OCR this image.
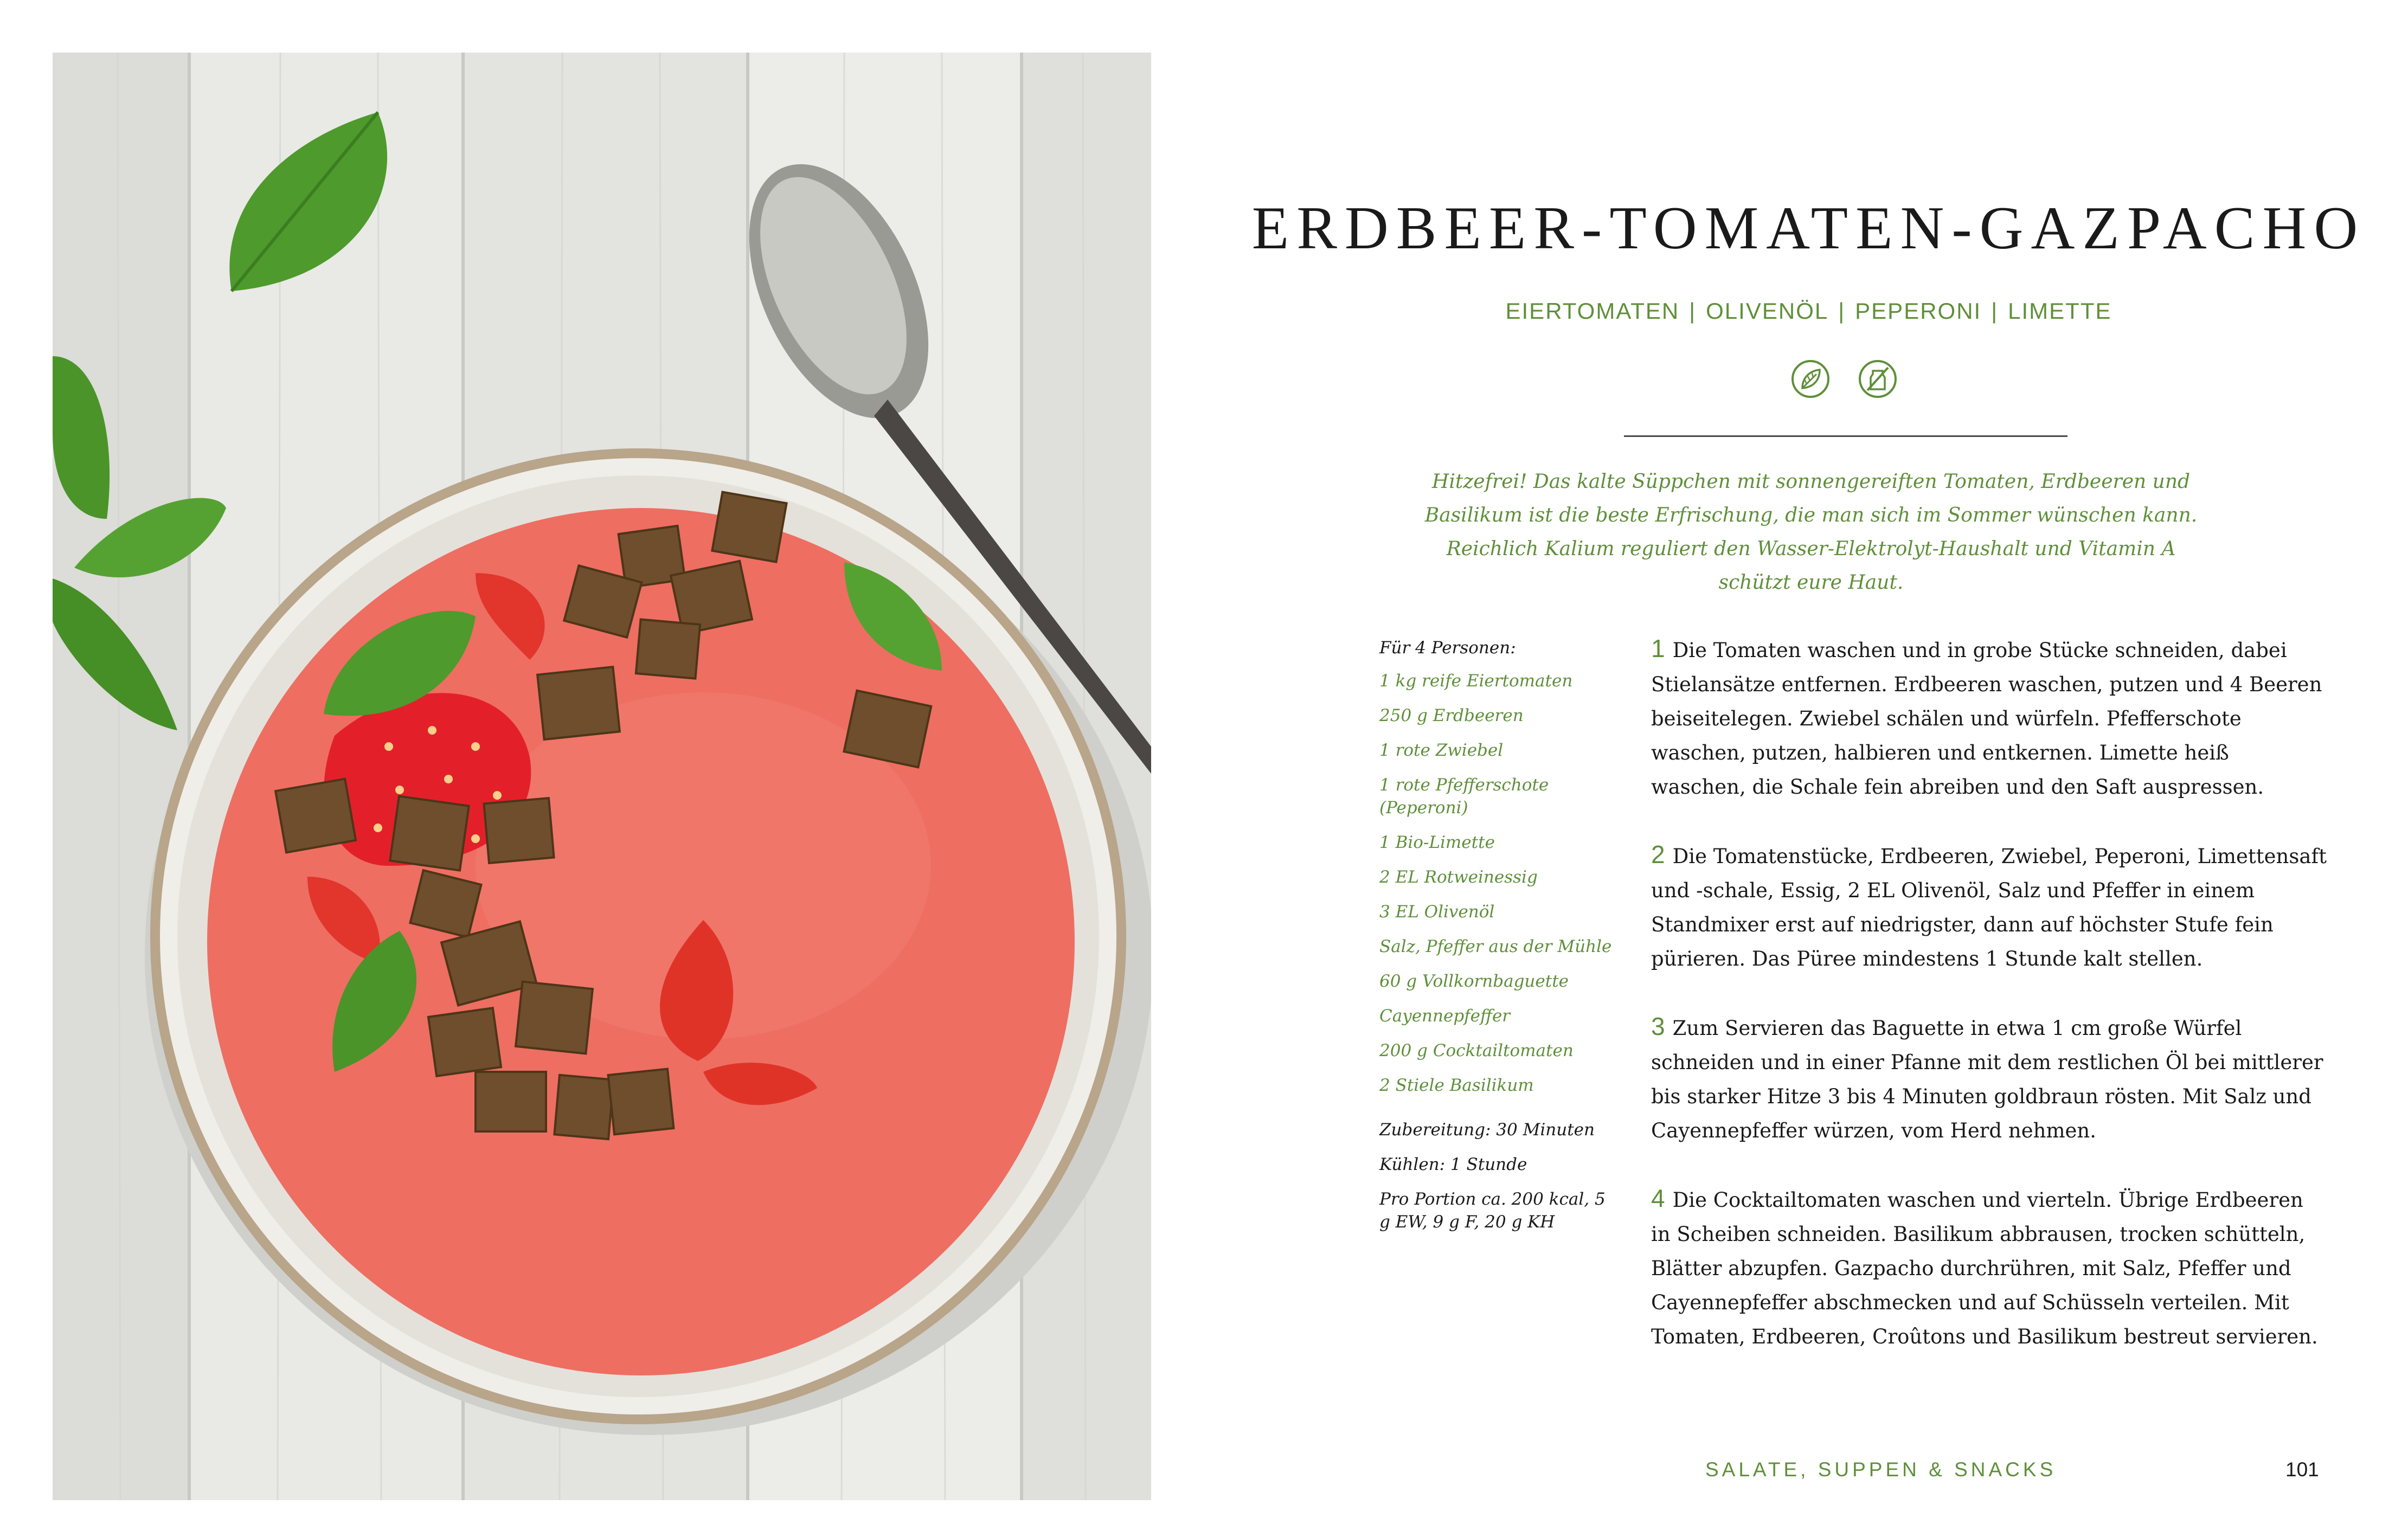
ERDBEER-TOMATEN-GAZPACHO
EIERTOMATEN | OLIVENÖL | PEPERONI | LIMETTE
Hitzefrei! Das kalte Süppchen mit sonnengereiften Tomaten, Erdbeeren und Basilikum ist die beste Erfrischung, die man sich im Sommer wünschen kann. Reichlich Kalium reguliert den Wasser-Elektrolyt-Haushalt und Vitamin A schützt eure Haut.
Für 4 Personen:
1 kg reife Eiertomaten
250 g Erdbeeren
1 rote Zwiebel
1 rote Pfefferschote (Peperoni)
1 Bio-Limette
2 EL Rotweinessig
3 EL Olivenöl
Salz, Pfeffer aus der Mühle
60 g Vollkornbaguette
Cayennepfeffer
200 g Cocktailtomaten
2 Stiele Basilikum
Zubereitung: 30 Minuten
Kühlen: 1 Stunde
Pro Portion ca. 200 kcal, 5 g EW, 9 g F, 20 g KH
1 Die Tomaten waschen und in grobe Stücke schneiden, dabei Stielansätze entfernen. Erdbeeren waschen, putzen und 4 Beeren beiseitelegen. Zwiebel schälen und würfeln. Pfefferschote waschen, putzen, halbieren und entkernen. Limette heiß waschen, die Schale fein abreiben und den Saft auspressen.
2 Die Tomatenstücke, Erdbeeren, Zwiebel, Peperoni, Limettensaft und -schale, Essig, 2 EL Olivenöl, Salz und Pfeffer in einem Standmixer erst auf niedrigster, dann auf höchster Stufe fein pürieren. Das Püree mindestens 1 Stunde kalt stellen.
3 Zum Servieren das Baguette in etwa 1 cm große Würfel schneiden und in einer Pfanne mit dem restlichen Öl bei mittlerer bis starker Hitze 3 bis 4 Minuten goldbraun rösten. Mit Salz und Cayennepfeffer würzen, vom Herd nehmen.
4 Die Cocktailtomaten waschen und vierteln. Übrige Erdbeeren in Scheiben schneiden. Basilikum abbrausen, trocken schütteln, Blätter abzupfen. Gazpacho durchrühren, mit Salz, Pfeffer und Cayennepfeffer abschmecken und auf Schüsseln verteilen. Mit Tomaten, Erdbeeren, Croûtons und Basilikum bestreut servieren.
SALATE, SUPPEN & SNACKS	101
